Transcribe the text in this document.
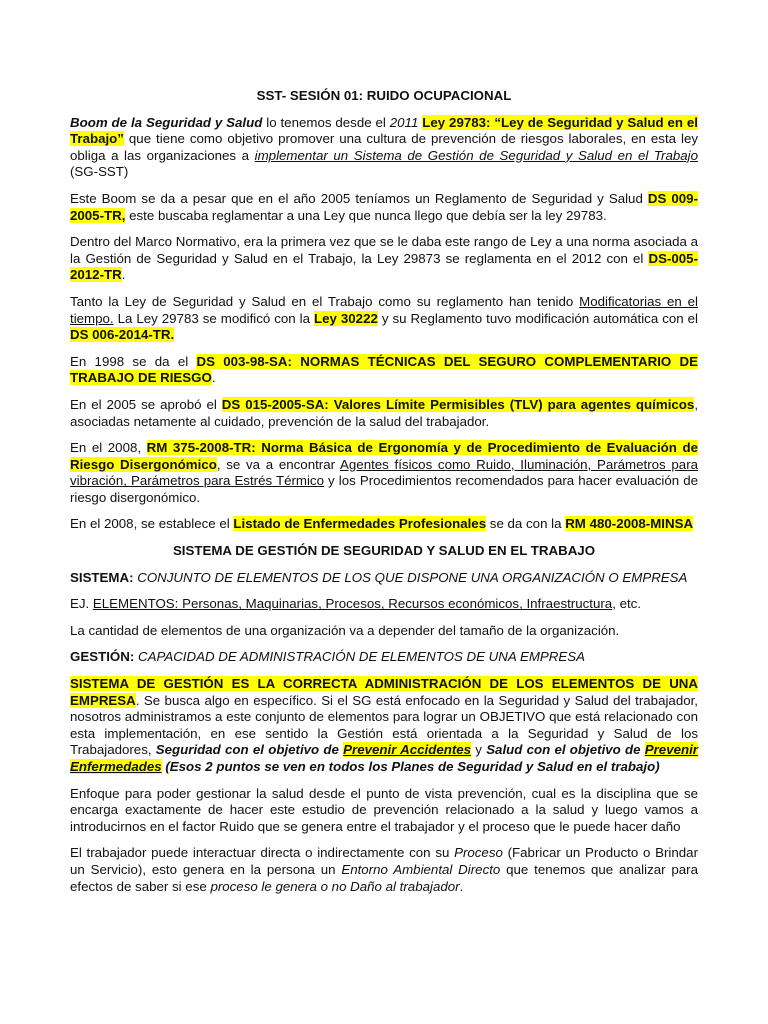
SST- SESIÓN 01: RUIDO OCUPACIONAL
Boom de la Seguridad y Salud lo tenemos desde el 2011 Ley 29783: “Ley de Seguridad y Salud en el Trabajo” que tiene como objetivo promover una cultura de prevención de riesgos laborales, en esta ley obliga a las organizaciones a implementar un Sistema de Gestión de Seguridad y Salud en el Trabajo (SG-SST)
Este Boom se da a pesar que en el año 2005 teníamos un Reglamento de Seguridad y Salud DS 009-2005-TR, este buscaba reglamentar a una Ley que nunca llego que debía ser la ley 29783.
Dentro del Marco Normativo, era la primera vez que se le daba este rango de Ley a una norma asociada a la Gestión de Seguridad y Salud en el Trabajo, la Ley 29873 se reglamenta en el 2012 con el DS-005-2012-TR.
Tanto la Ley de Seguridad y Salud en el Trabajo como su reglamento han tenido Modificatorias en el tiempo. La Ley 29783 se modificó con la Ley 30222 y su Reglamento tuvo modificación automática con el DS 006-2014-TR.
En 1998 se da el DS 003-98-SA: NORMAS TÉCNICAS DEL SEGURO COMPLEMENTARIO DE TRABAJO DE RIESGO.
En el 2005 se aprobó el DS 015-2005-SA: Valores Límite Permisibles (TLV) para agentes químicos, asociadas netamente al cuidado, prevención de la salud del trabajador.
En el 2008, RM 375-2008-TR: Norma Básica de Ergonomía y de Procedimiento de Evaluación de Riesgo Disergonómico, se va a encontrar Agentes físicos como Ruido, Iluminación, Parámetros para vibración, Parámetros para Estrés Térmico y los Procedimientos recomendados para hacer evaluación de riesgo disergonómico.
En el 2008, se establece el Listado de Enfermedades Profesionales se da con la RM 480-2008-MINSA
SISTEMA DE GESTIÓN DE SEGURIDAD Y SALUD EN EL TRABAJO
SISTEMA: CONJUNTO DE ELEMENTOS DE LOS QUE DISPONE UNA ORGANIZACIÓN O EMPRESA
EJ. ELEMENTOS: Personas, Maquinarias, Procesos, Recursos económicos, Infraestructura, etc.
La cantidad de elementos de una organización va a depender del tamaño de la organización.
GESTIÓN: CAPACIDAD DE ADMINISTRACIÓN DE ELEMENTOS DE UNA EMPRESA
SISTEMA DE GESTIÓN ES LA CORRECTA ADMINISTRACIÓN DE LOS ELEMENTOS DE UNA EMPRESA. Se busca algo en específico. Si el SG está enfocado en la Seguridad y Salud del trabajador, nosotros administramos a este conjunto de elementos para lograr un OBJETIVO que está relacionado con esta implementación, en ese sentido la Gestión está orientada a la Seguridad y Salud de los Trabajadores, Seguridad con el objetivo de Prevenir Accidentes y Salud con el objetivo de Prevenir Enfermedades (Esos 2 puntos se ven en todos los Planes de Seguridad y Salud en el trabajo)
Enfoque para poder gestionar la salud desde el punto de vista prevención, cual es la disciplina que se encarga exactamente de hacer este estudio de prevención relacionado a la salud y luego vamos a introducirnos en el factor Ruido que se genera entre el trabajador y el proceso que le puede hacer daño
El trabajador puede interactuar directa o indirectamente con su Proceso (Fabricar un Producto o Brindar un Servicio), esto genera en la persona un Entorno Ambiental Directo que tenemos que analizar para efectos de saber si ese proceso le genera o no Daño al trabajador.
